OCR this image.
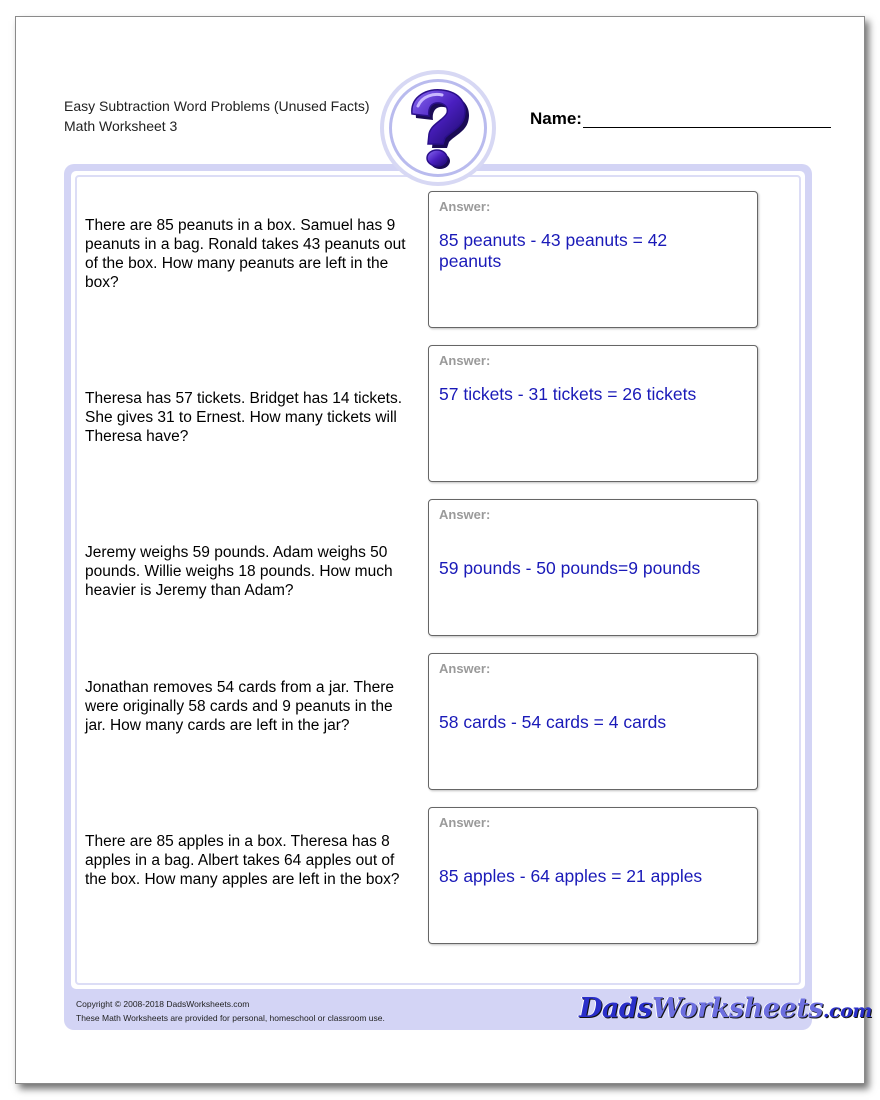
Easy Subtraction Word Problems (Unused Facts)
Math Worksheet 3	Name:
There are 85 peanuts in a box. Samuel has 9 peanuts in a bag. Ronald takes 43 peanuts out of the box. How many peanuts are left in the box?
Answer:
85 peanuts - 43 peanuts = 42 peanuts
Theresa has 57 tickets. Bridget has 14 tickets. She gives 31 to Ernest. How many tickets will Theresa have?
Answer:
57 tickets - 31 tickets = 26 tickets
Jeremy weighs 59 pounds. Adam weighs 50 pounds. Willie weighs 18 pounds. How much heavier is Jeremy than Adam?
Answer:
59 pounds - 50 pounds=9 pounds
Jonathan removes 54 cards from a jar. There were originally 58 cards and 9 peanuts in the jar. How many cards are left in the jar?
Answer:
58 cards - 54 cards = 4 cards
There are 85 apples in a box. Theresa has 8 apples in a bag. Albert takes 64 apples out of the box. How many apples are left in the box?
Answer:
85 apples - 64 apples = 21 apples
Copyright © 2008-2018 DadsWorksheets.com
These Math Worksheets are provided for personal, homeschool or classroom use.	DadsWorksheets.com
